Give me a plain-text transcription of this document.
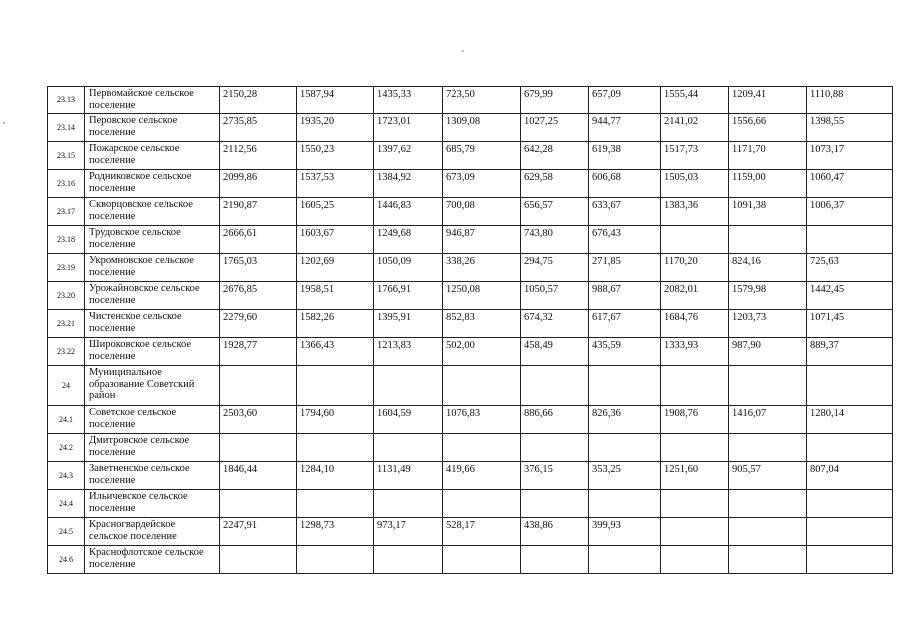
23.13	Первомайское сельское поселение	2150,28	1587,94	1435,33	723,50	679,99	657,09	1555,44	1209,41	1110,88
23.14	Перовское сельское поселение	2735,85	1935,20	1723,01	1309,08	1027,25	944,77	2141,02	1556,66	1398,55
23.15	Пожарское сельское поселение	2112,56	1550,23	1397,62	685,79	642,28	619,38	1517,73	1171,70	1073,17
23.16	Родниковское сельское поселение	2099,86	1537,53	1384,92	673,09	629,58	606,68	1505,03	1159,00	1060,47
23.17	Скворцовское сельское поселение	2190,87	1605,25	1446,83	700,08	656,57	633,67	1383,36	1091,38	1006,37
23.18	Трудовское сельское поселение	2666,61	1603,67	1249,68	946,87	743,80	676,43			
23.19	Укромновское сельское поселение	1765,03	1202,69	1050,09	338,26	294,75	271,85	1170,20	824,16	725,63
23.20	Урожайновское сельское поселение	2676,85	1958,51	1766,91	1250,08	1050,57	988,67	2082,01	1579,98	1442,45
23.21	Чистенское сельское поселение	2279,60	1582,26	1395,91	852,83	674,32	617,67	1684,76	1203,73	1071,45
23.22	Широковское сельское поселение	1928,77	1366,43	1213,83	502,00	458,49	435,59	1333,93	987,90	889,37
24	Муниципальное образование Советский район									
24.1	Советское сельское поселение	2503,60	1794,60	1604,59	1076,83	886,66	826,36	1908,76	1416,07	1280,14
24.2	Дмитровское сельское поселение									
24.3	Заветненское сельское поселение	1846,44	1284,10	1131,49	419,66	376,15	353,25	1251,60	905,57	807,04
24.4	Ильичевское сельское поселение									
24.5	Красногвардейское сельское поселение	2247,91	1298,73	973,17	528,17	438,86	399,93			
24.6	Краснофлотское сельское поселение									
